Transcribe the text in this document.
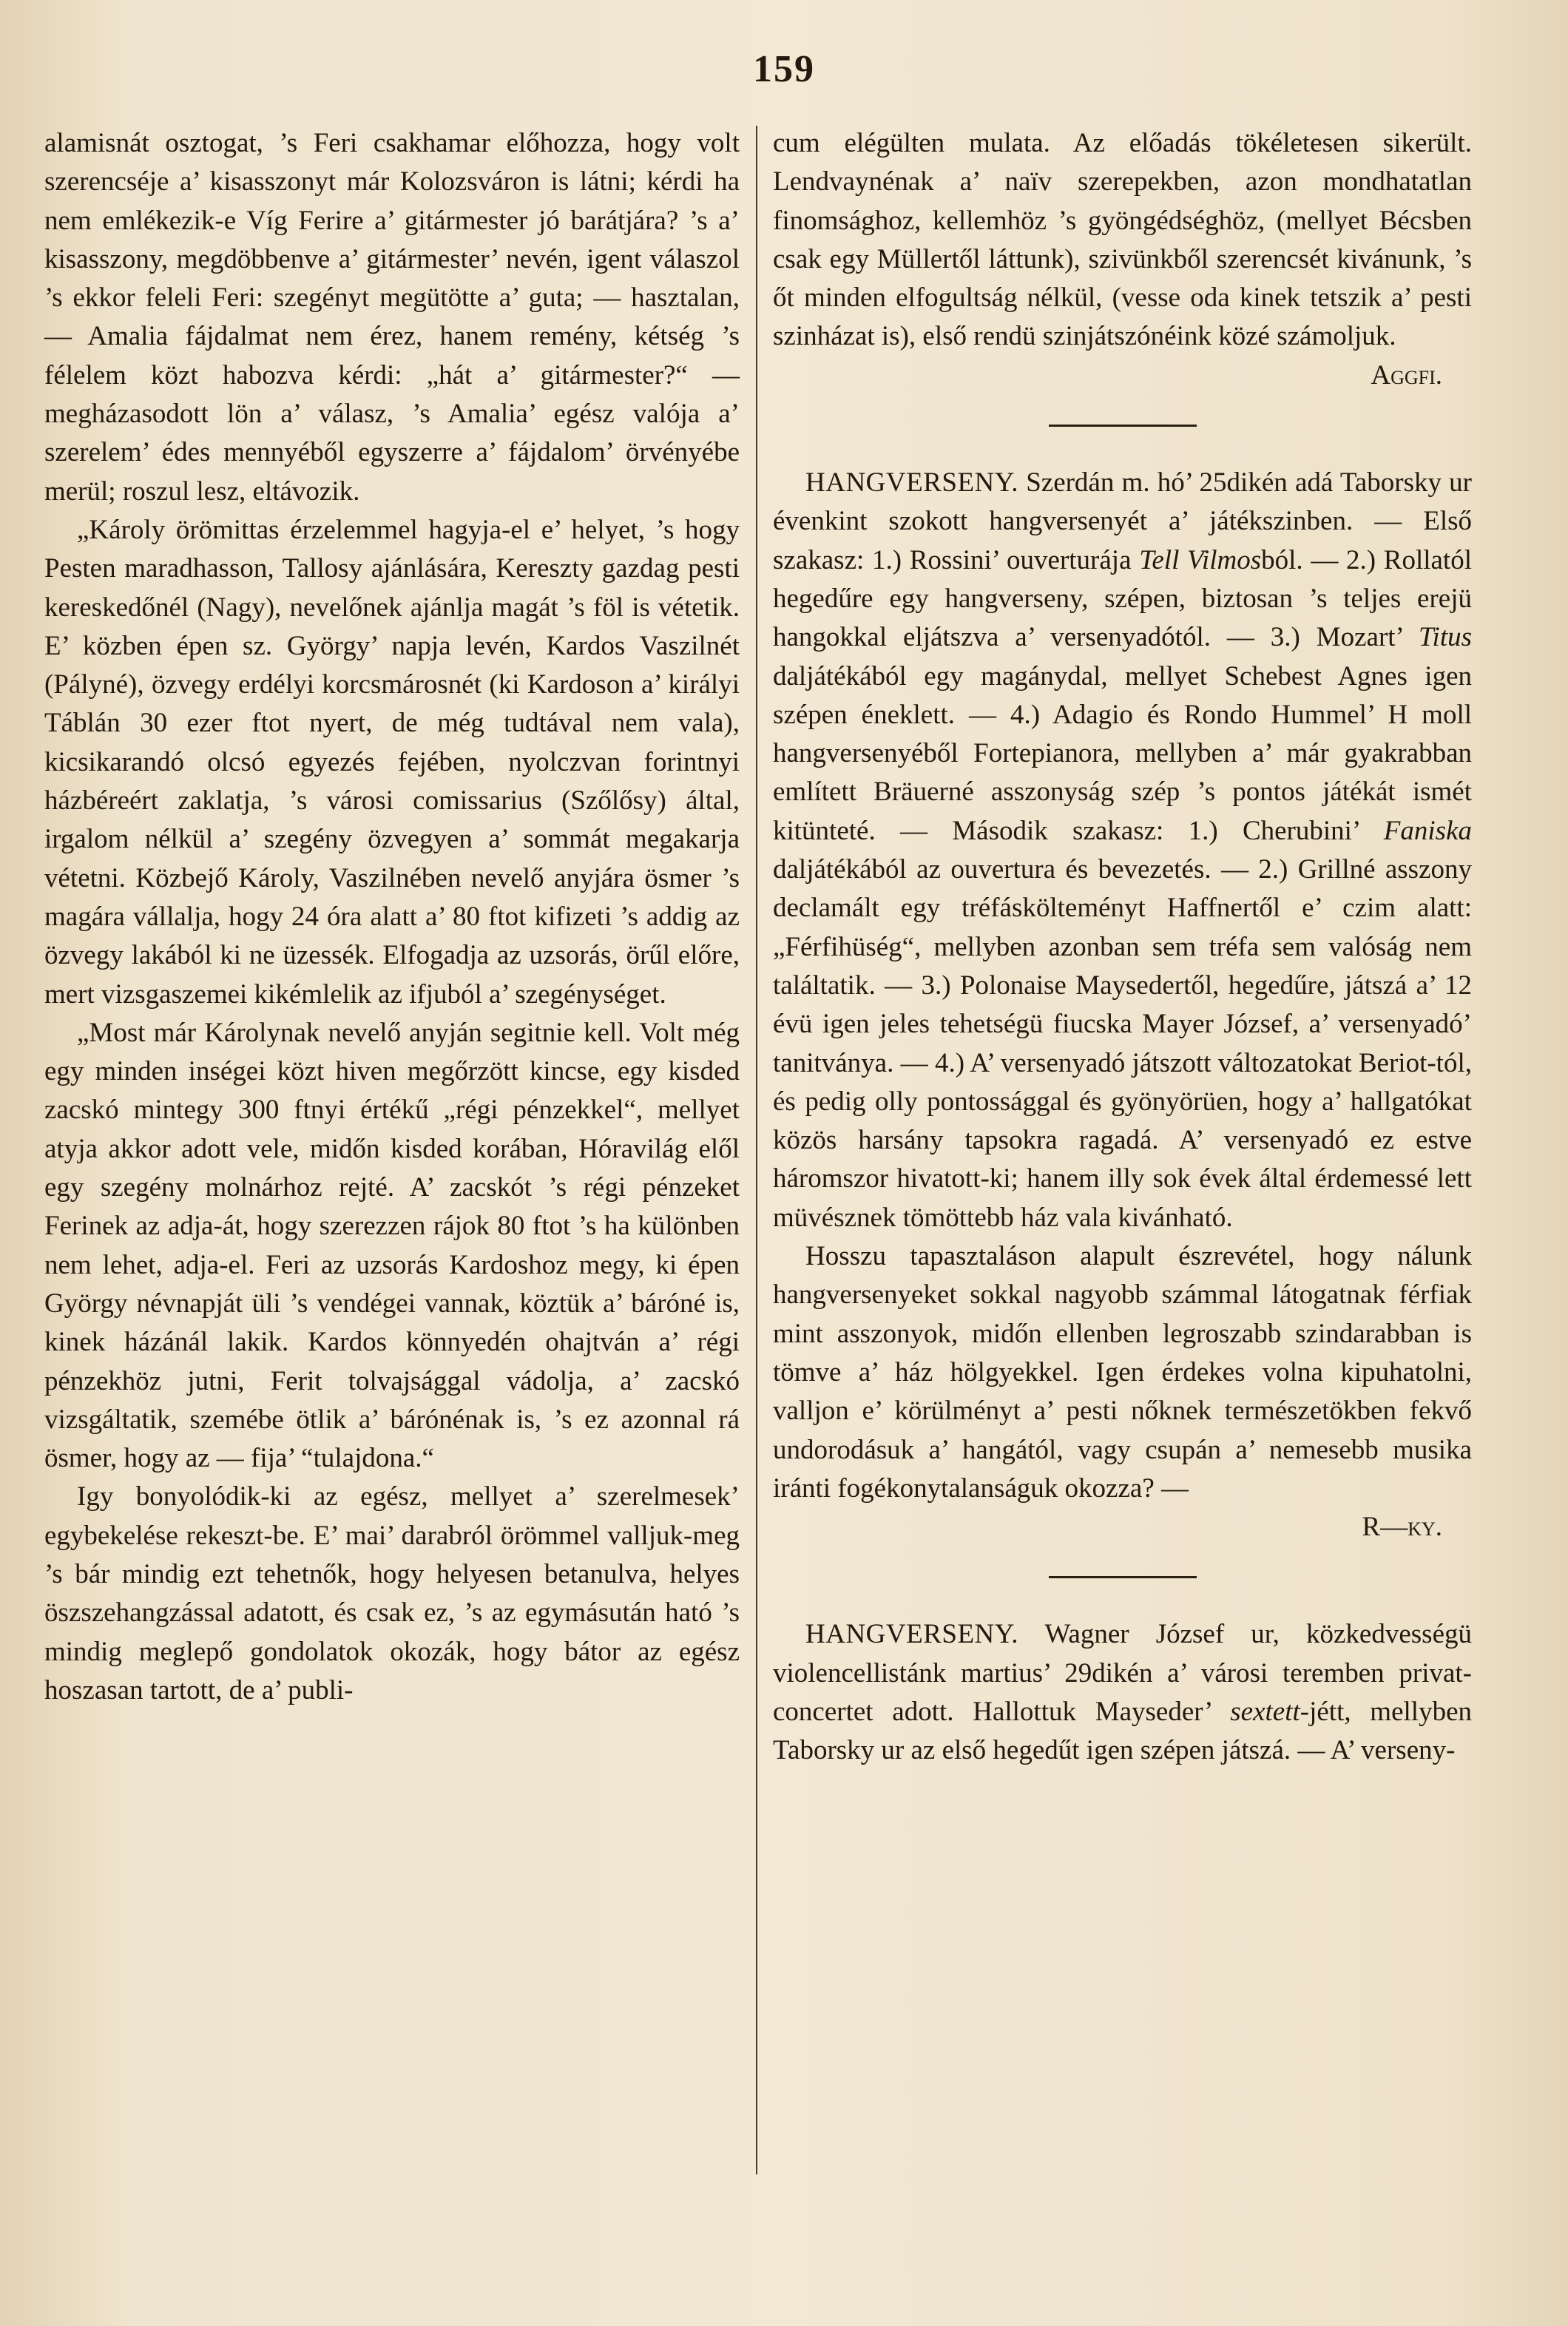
159

alamisnát osztogat, ’s Feri csakhamar előhozza, hogy volt szerencséje a’ kisasszonyt már Kolozsváron is látni; kérdi ha nem emlékezik-e Víg Ferire a’ gitármester jó barátjára? ’s a’ kisasszony, megdöbbenve a’ gitármester’ nevén, igent válaszol ’s ekkor feleli Feri: szegényt megütötte a’ guta; — hasztalan, — Amalia fájdalmat nem érez, hanem remény, kétség ’s félelem közt habozva kérdi: „hát a’ gitármester?“ — megházasodott lön a’ válasz, ’s Amalia’ egész valója a’ szerelem’ édes mennyéből egyszerre a’ fájdalom’ örvényébe merül; roszul lesz, eltávozik.

„Károly örömittas érzelemmel hagyja-el e’ helyet, ’s hogy Pesten maradhasson, Tallosy ajánlására, Kereszty gazdag pesti kereskedőnél (Nagy), nevelőnek ajánlja magát ’s föl is vétetik. E’ közben épen sz. György’ napja levén, Kardos Vaszilnét (Pályné), özvegy erdélyi korcsmárosnét (ki Kardoson a’ királyi Táblán 30 ezer ftot nyert, de még tudtával nem vala), kicsikarandó olcsó egyezés fejében, nyolczvan forintnyi házbéreért zaklatja, ’s városi comissarius (Szőlősy) által, irgalom nélkül a’ szegény özvegyen a’ sommát megakarja vétetni. Közbejő Károly, Vaszilnében nevelő anyjára ösmer ’s magára vállalja, hogy 24 óra alatt a’ 80 ftot kifizeti ’s addig az özvegy lakából ki ne üzessék. Elfogadja az uzsorás, örűl előre, mert vizsgaszemei kikémlelik az ifjuból a’ szegénységet.

„Most már Károlynak nevelő anyján segitnie kell. Volt még egy minden inségei közt hiven megőrzött kincse, egy kisded zacskó mintegy 300 ftnyi értékű „régi pénzekkel“, mellyet atyja akkor adott vele, midőn kisded korában, Hóravilág elől egy szegény molnárhoz rejté. A’ zacskót ’s régi pénzeket Ferinek az adja-át, hogy szerezzen rájok 80 ftot ’s ha különben nem lehet, adja-el. Feri az uzsorás Kardoshoz megy, ki épen György névnapját üli ’s vendégei vannak, köztük a’ báróné is, kinek házánál lakik. Kardos könnyedén ohajtván a’ régi pénzekhöz jutni, Ferit tolvajsággal vádolja, a’ zacskó vizsgáltatik, szemébe ötlik a’ bárónénak is, ’s ez azonnal rá ösmer, hogy az — fija’ “tulajdona.“

Igy bonyolódik-ki az egész, mellyet a’ szerelmesek’ egybekelése rekeszt-be. E’ mai’ darabról örömmel valljuk-meg ’s bár mindig ezt tehetnők, hogy helyesen betanulva, helyes öszszehangzással adatott, és csak ez, ’s az egymásután ható ’s mindig meglepő gondolatok okozák, hogy bátor az egész hoszasan tartott, de a’ publi-

cum elégülten mulata. Az előadás tökéletesen sikerült. Lendvaynénak a’ naïv szerepekben, azon mondhatatlan finomsághoz, kellemhöz ’s gyöngédséghöz, (mellyet Bécsben csak egy Müllertől láttunk), szivünkből szerencsét kivánunk, ’s őt minden elfogultság nélkül, (vesse oda kinek tetszik a’ pesti szinházat is), első rendü szinjátszónéink közé számoljuk.

Aggfi.

HANGVERSENY. Szerdán m. hó’ 25dikén adá Taborsky ur évenkint szokott hangversenyét a’ játékszinben. — Első szakasz: 1.) Rossini’ ouverturája Tell Vilmosból. — 2.) Rollatól hegedűre egy hangverseny, szépen, biztosan ’s teljes erejü hangokkal eljátszva a’ versenyadótól. — 3.) Mozart’ Titus daljátékából egy magánydal, mellyet Schebest Agnes igen szépen éneklett. — 4.) Adagio és Rondo Hummel’ H moll hangversenyéből Fortepianora, mellyben a’ már gyakrabban említett Bräuerné asszonyság szép ’s pontos játékát ismét kitünteté. — Második szakasz: 1.) Cherubini’ Faniska daljátékából az ouvertura és bevezetés. — 2.) Grillné asszony declamált egy tréfáskölteményt Haffnertől e’ czim alatt: „Férfihüség“, mellyben azonban sem tréfa sem valóság nem találtatik. — 3.) Polonaise Maysedertől, hegedűre, játszá a’ 12 évü igen jeles tehetségü fiucska Mayer József, a’ versenyadó’ tanitványa. — 4.) A’ versenyadó játszott változatokat Beriot-tól, és pedig olly pontossággal és gyönyörüen, hogy a’ hallgatókat közös harsány tapsokra ragadá. A’ versenyadó ez estve háromszor hivatott-ki; hanem illy sok évek által érdemessé lett müvésznek tömöttebb ház vala kivánható.

Hosszu tapasztaláson alapult észrevétel, hogy nálunk hangversenyeket sokkal nagyobb számmal látogatnak férfiak mint asszonyok, midőn ellenben legroszabb szindarabban is tömve a’ ház hölgyekkel. Igen érdekes volna kipuhatolni, valljon e’ körülményt a’ pesti nőknek természetökben fekvő undorodásuk a’ hangától, vagy csupán a’ nemesebb musika iránti fogékonytalanságuk okozza? —

R—ky.

HANGVERSENY. Wagner József ur, közkedvességü violencellistánk martius’ 29dikén a’ városi teremben privat-concertet adott. Hallottuk Mayseder’ sextett-jétt, mellyben Taborsky ur az első hegedűt igen szépen játszá. — A’ verseny-
